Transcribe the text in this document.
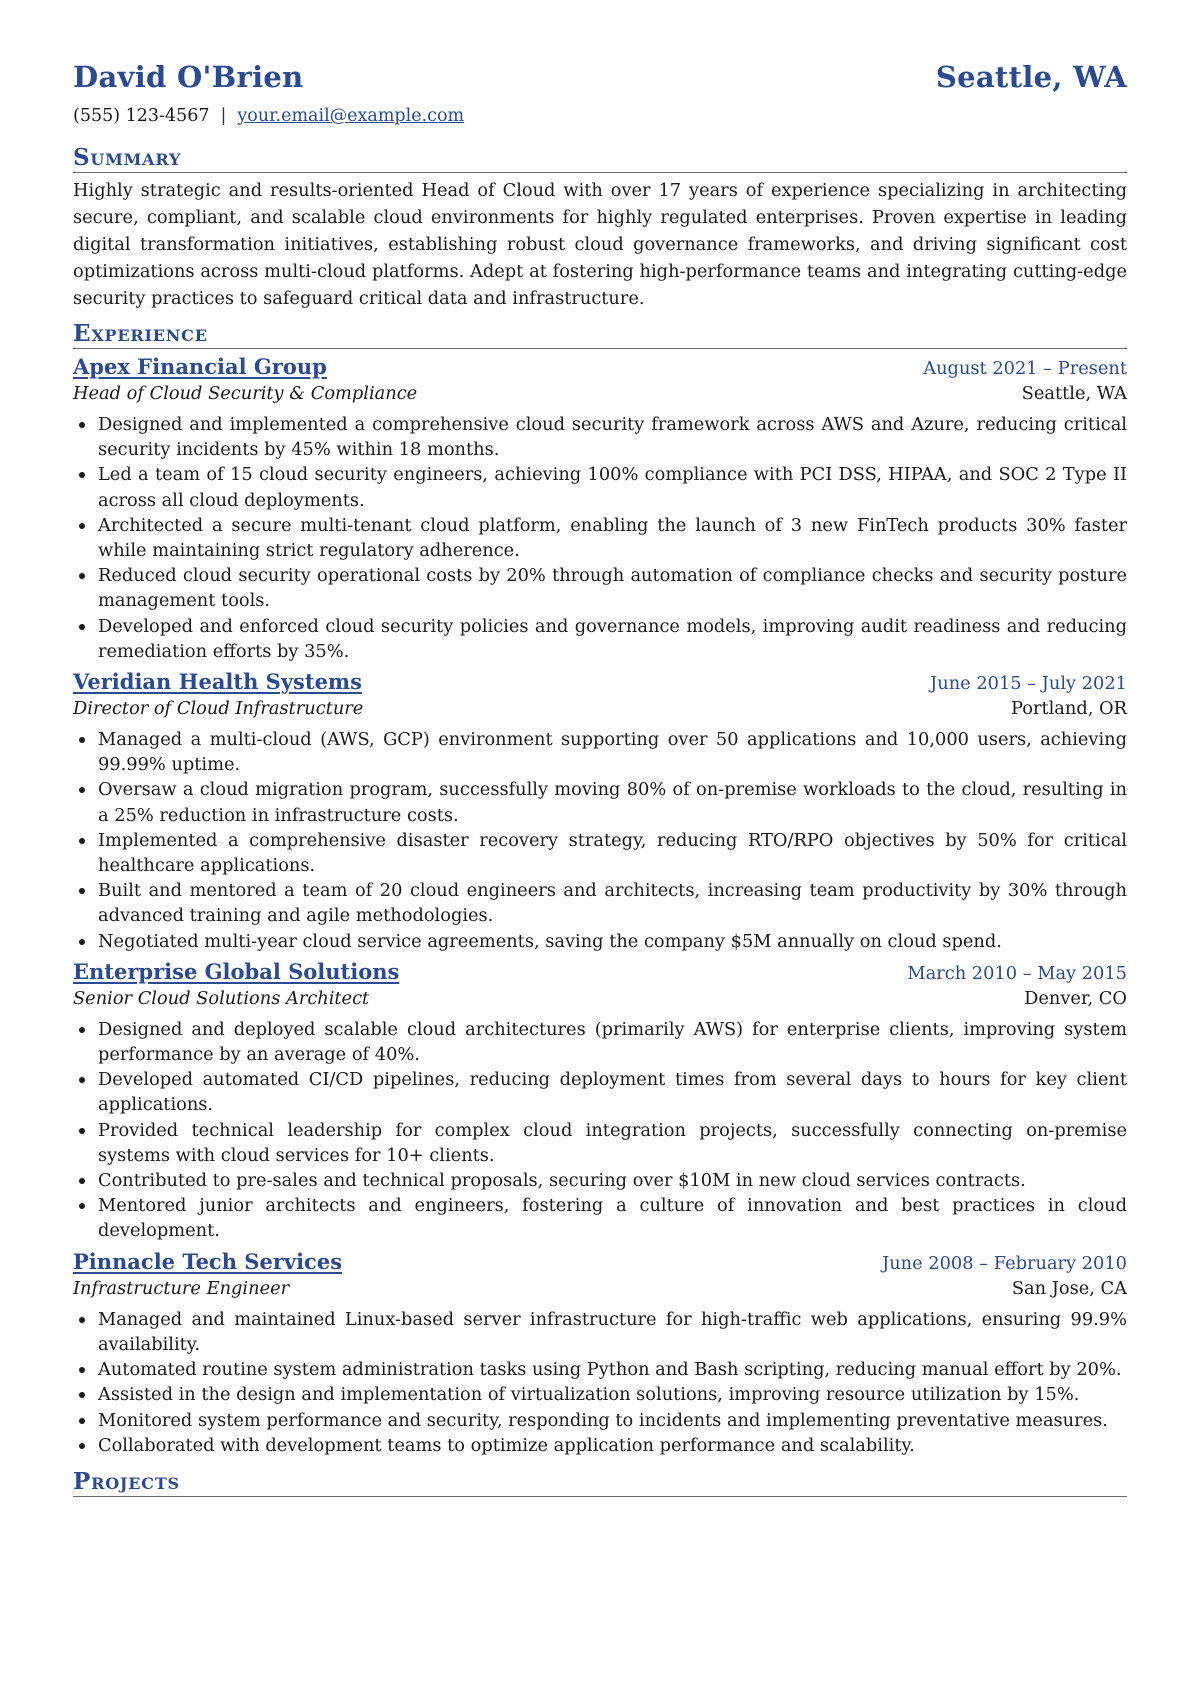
David O'Brien	Seattle, WA
(555) 123-4567 | your.email@example.com
Summary
Highly strategic and results-oriented Head of Cloud with over 17 years of experience specializing in architecting secure, compliant, and scalable cloud environments for highly regulated enterprises. Proven expertise in leading digital transformation initiatives, establishing robust cloud governance frameworks, and driving significant cost optimizations across multi-cloud platforms. Adept at fostering high-performance teams and integrating cutting-edge security practices to safeguard critical data and infrastructure.
Experience
Apex Financial Group	August 2021 – Present
Head of Cloud Security & Compliance	Seattle, WA
Designed and implemented a comprehensive cloud security framework across AWS and Azure, reducing critical security incidents by 45% within 18 months.
Led a team of 15 cloud security engineers, achieving 100% compliance with PCI DSS, HIPAA, and SOC 2 Type II across all cloud deployments.
Architected a secure multi-tenant cloud platform, enabling the launch of 3 new FinTech products 30% faster while maintaining strict regulatory adherence.
Reduced cloud security operational costs by 20% through automation of compliance checks and security posture management tools.
Developed and enforced cloud security policies and governance models, improving audit readiness and reducing remediation efforts by 35%.
Veridian Health Systems	June 2015 – July 2021
Director of Cloud Infrastructure	Portland, OR
Managed a multi-cloud (AWS, GCP) environment supporting over 50 applications and 10,000 users, achieving 99.99% uptime.
Oversaw a cloud migration program, successfully moving 80% of on-premise workloads to the cloud, resulting in a 25% reduction in infrastructure costs.
Implemented a comprehensive disaster recovery strategy, reducing RTO/RPO objectives by 50% for critical healthcare applications.
Built and mentored a team of 20 cloud engineers and architects, increasing team productivity by 30% through advanced training and agile methodologies.
Negotiated multi-year cloud service agreements, saving the company $5M annually on cloud spend.
Enterprise Global Solutions	March 2010 – May 2015
Senior Cloud Solutions Architect	Denver, CO
Designed and deployed scalable cloud architectures (primarily AWS) for enterprise clients, improving system performance by an average of 40%.
Developed automated CI/CD pipelines, reducing deployment times from several days to hours for key client applications.
Provided technical leadership for complex cloud integration projects, successfully connecting on-premise systems with cloud services for 10+ clients.
Contributed to pre-sales and technical proposals, securing over $10M in new cloud services contracts.
Mentored junior architects and engineers, fostering a culture of innovation and best practices in cloud development.
Pinnacle Tech Services	June 2008 – February 2010
Infrastructure Engineer	San Jose, CA
Managed and maintained Linux-based server infrastructure for high-traffic web applications, ensuring 99.9% availability.
Automated routine system administration tasks using Python and Bash scripting, reducing manual effort by 20%.
Assisted in the design and implementation of virtualization solutions, improving resource utilization by 15%.
Monitored system performance and security, responding to incidents and implementing preventative measures.
Collaborated with development teams to optimize application performance and scalability.
Projects
